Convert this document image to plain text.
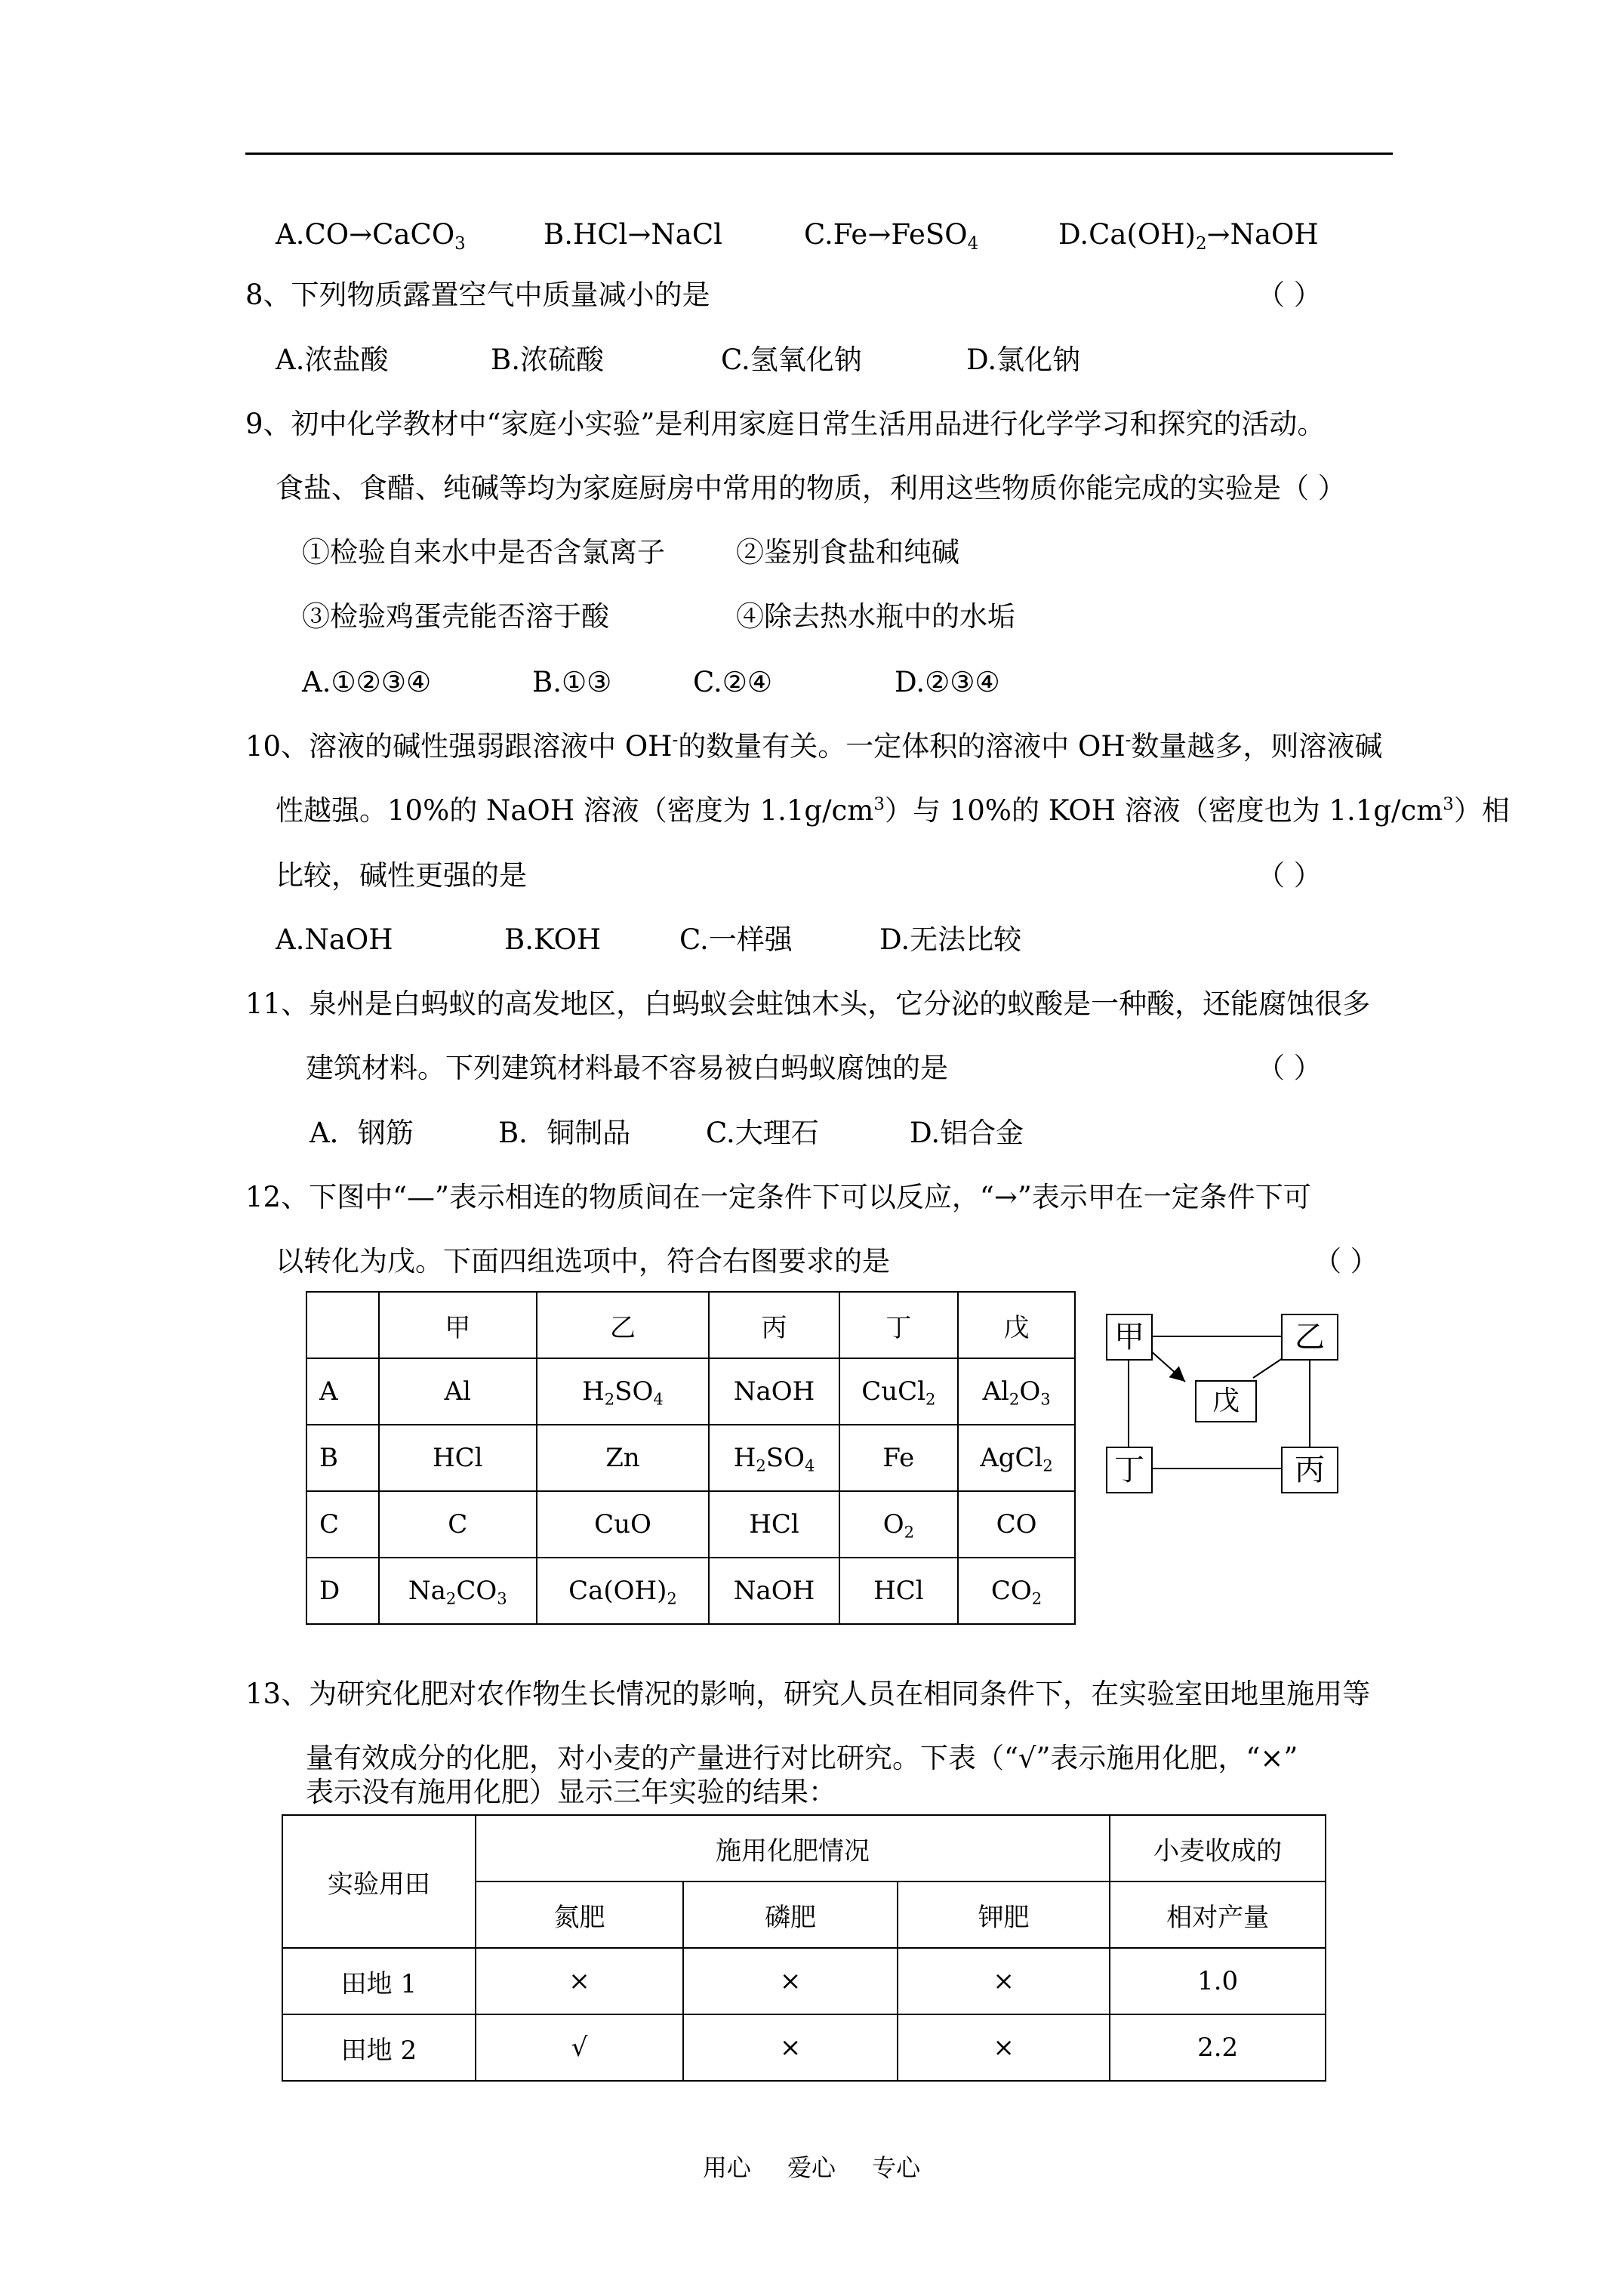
A.CO→CaCO$_3$	B.HCl→NaCl	C.Fe→FeSO$_4$	$D.Ca(OH)_2\to NaOH$
8、下列物质露置空气中质量减小的是	（ ）
A.浓盐酸	B.浓硫酸	C.氢氧化钠	D.氯化钠
9、初中化学教材中“家庭小实验”是利用家庭日常生活用品进行化学学习和探究的活动。
食盐、食醋、纯碱等均为家庭厨房中常用的物质，利用这些物质你能完成的实验是（ ）
①检验自来水中是否含氯离子	②鉴别食盐和纯碱
③检验鸡蛋壳能否溶于酸	④除去热水瓶中的水垢
A.①②③④	B.①③	C.②④	D.②③④
10、溶液的碱性强弱跟溶液中 OH-的数量有关。一定体积的溶液中 OH-数量越多，则溶液碱
性越强。10%的 NaOH 溶液（密度为 $1.1g/cm^3$）与 10%的 KOH 溶液（密度也为 $1.1g/cm^3$）相
比较，碱性更强的是	（ ）
A.NaOH	B.KOH	C.一样强	D.无法比较
11、泉州是白蚂蚁的高发地区，白蚂蚁会蛀蚀木头，它分泌的蚁酸是一种酸，还能腐蚀很多
建筑材料。下列建筑材料最不容易被白蚂蚁腐蚀的是	（ ）
A．钢筋	B．铜制品	C.大理石	D.铝合金
12、下图中“—”表示相连的物质间在一定条件下可以反应，“→”表示甲在一定条件下可
以转化为戊。下面四组选项中，符合右图要求的是	（ ）
	甲	乙	丙	丁	戊
A	Al	$H_2SO_4$	NaOH	CuCl$_2$	$Al_2O_3$
B	HCl	Zn	$H_2SO_4$	Fe	AgCl$_2$
C	C	CuO	HCl	$O_2$	CO
D	$Na_2CO_3$	$Ca(OH)_2$	NaOH	HCl	$CO_2$
甲	乙
戊
丁	丙
13、为研究化肥对农作物生长情况的影响，研究人员在相同条件下，在实验室田地里施用等
量有效成分的化肥，对小麦的产量进行对比研究。下表（“√”表示施用化肥，“×”
表示没有施用化肥）显示三年实验的结果：
实验用田	施用化肥情况			小麦收成的
	氮肥	磷肥	钾肥	相对产量
田地 1	×	×	×	1.0
田地 2	√	×	×	2.2
用心 爱心 专心
